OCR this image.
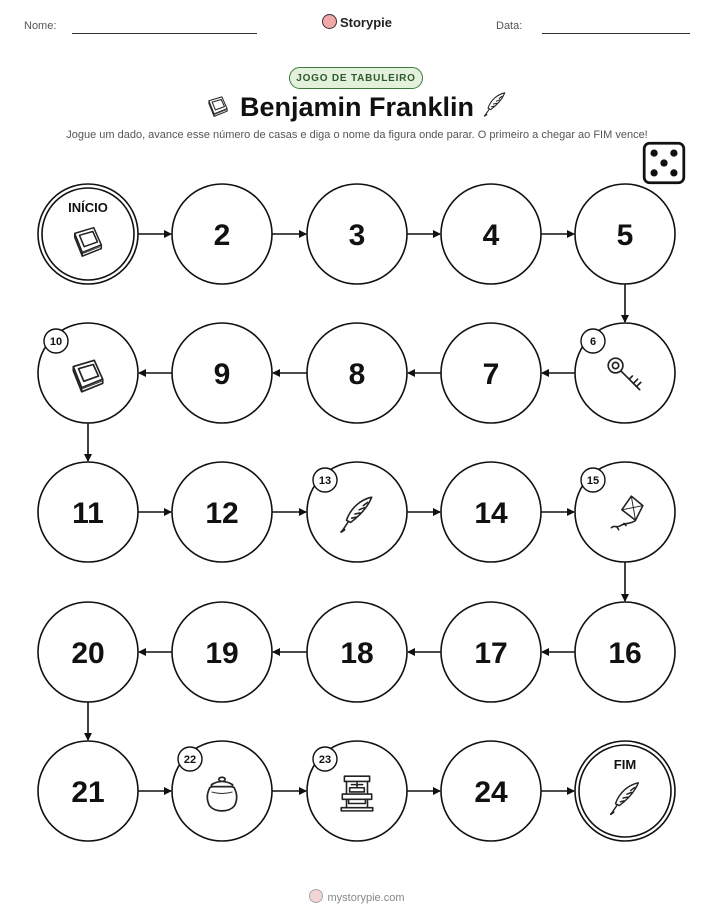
Nome:	Storypie	Data:
JOGO DE TABULEIRO
Benjamin Franklin
Jogue um dado, avance esse número de casas e diga o nome da figura onde parar. O primeiro a chegar ao FIM vence!
mystorypie.com
INÍCIO
2	3	4	5
6
7
8
9
10
11	12
13
14
15
16
17
18
19
20
21
22	23
24
FIM
